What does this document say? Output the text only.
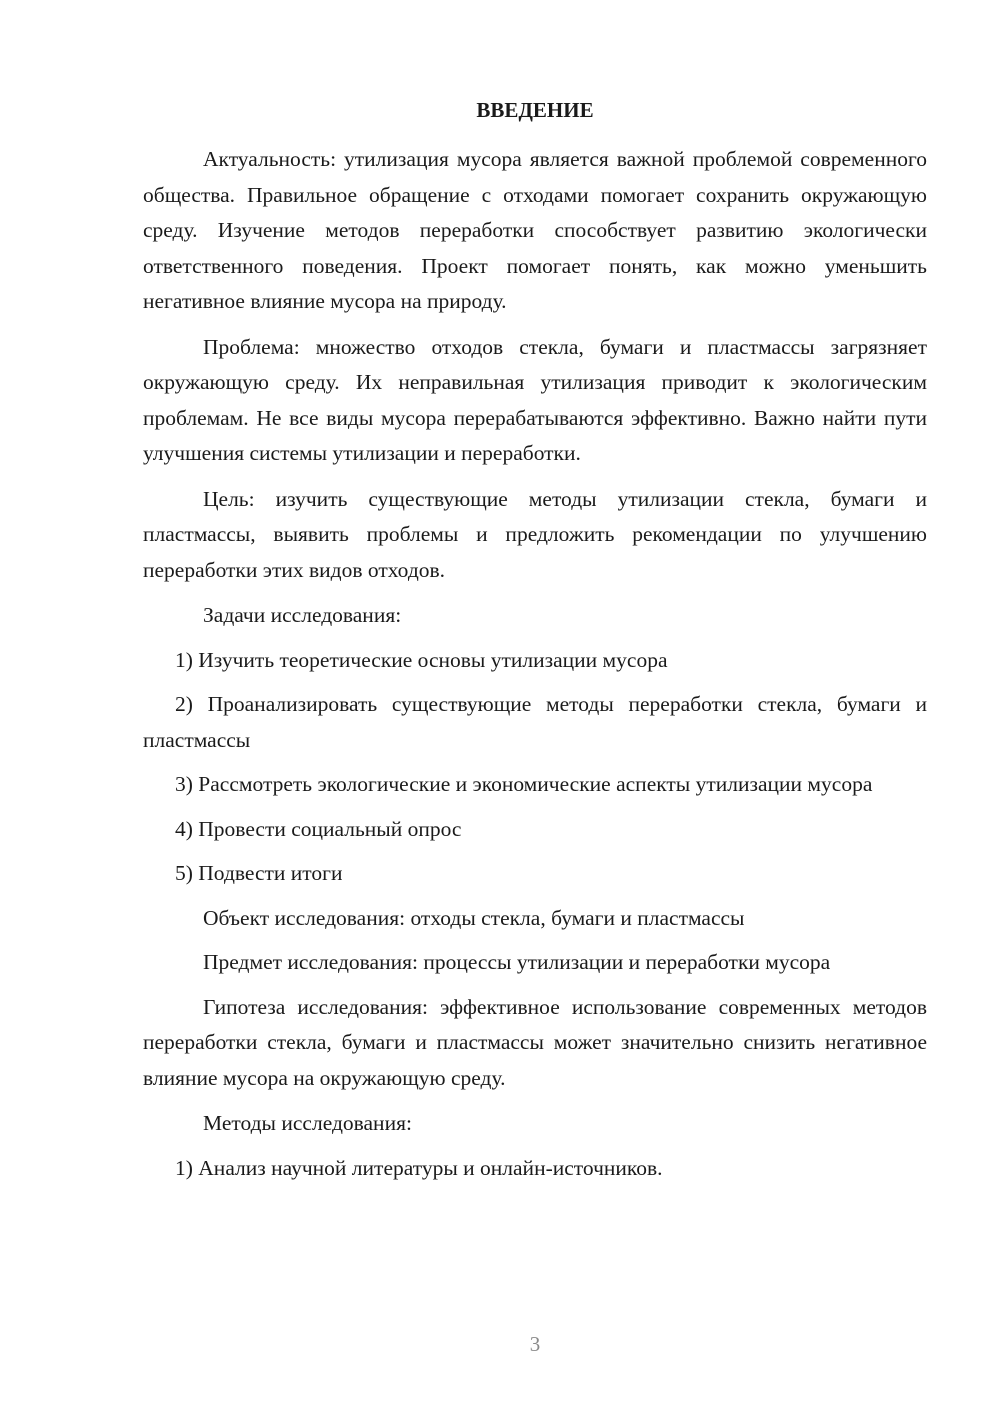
ВВЕДЕНИЕ

Актуальность: утилизация мусора является важной проблемой современного общества. Правильное обращение с отходами помогает сохранить окружающую среду. Изучение методов переработки способствует развитию экологически ответственного поведения. Проект помогает понять, как можно уменьшить негативное влияние мусора на природу.

Проблема: множество отходов стекла, бумаги и пластмассы загрязняет окружающую среду. Их неправильная утилизация приводит к экологическим проблемам. Не все виды мусора перерабатываются эффективно. Важно найти пути улучшения системы утилизации и переработки.

Цель: изучить существующие методы утилизации стекла, бумаги и пластмассы, выявить проблемы и предложить рекомендации по улучшению переработки этих видов отходов.

Задачи исследования:

1) Изучить теоретические основы утилизации мусора

2) Проанализировать существующие методы переработки стекла, бумаги и пластмассы

3) Рассмотреть экологические и экономические аспекты утилизации мусора

4) Провести социальный опрос

5) Подвести итоги

Объект исследования: отходы стекла, бумаги и пластмассы

Предмет исследования: процессы утилизации и переработки мусора

Гипотеза исследования: эффективное использование современных методов переработки стекла, бумаги и пластмассы может значительно снизить негативное влияние мусора на окружающую среду.

Методы исследования:

1) Анализ научной литературы и онлайн-источников.

3
